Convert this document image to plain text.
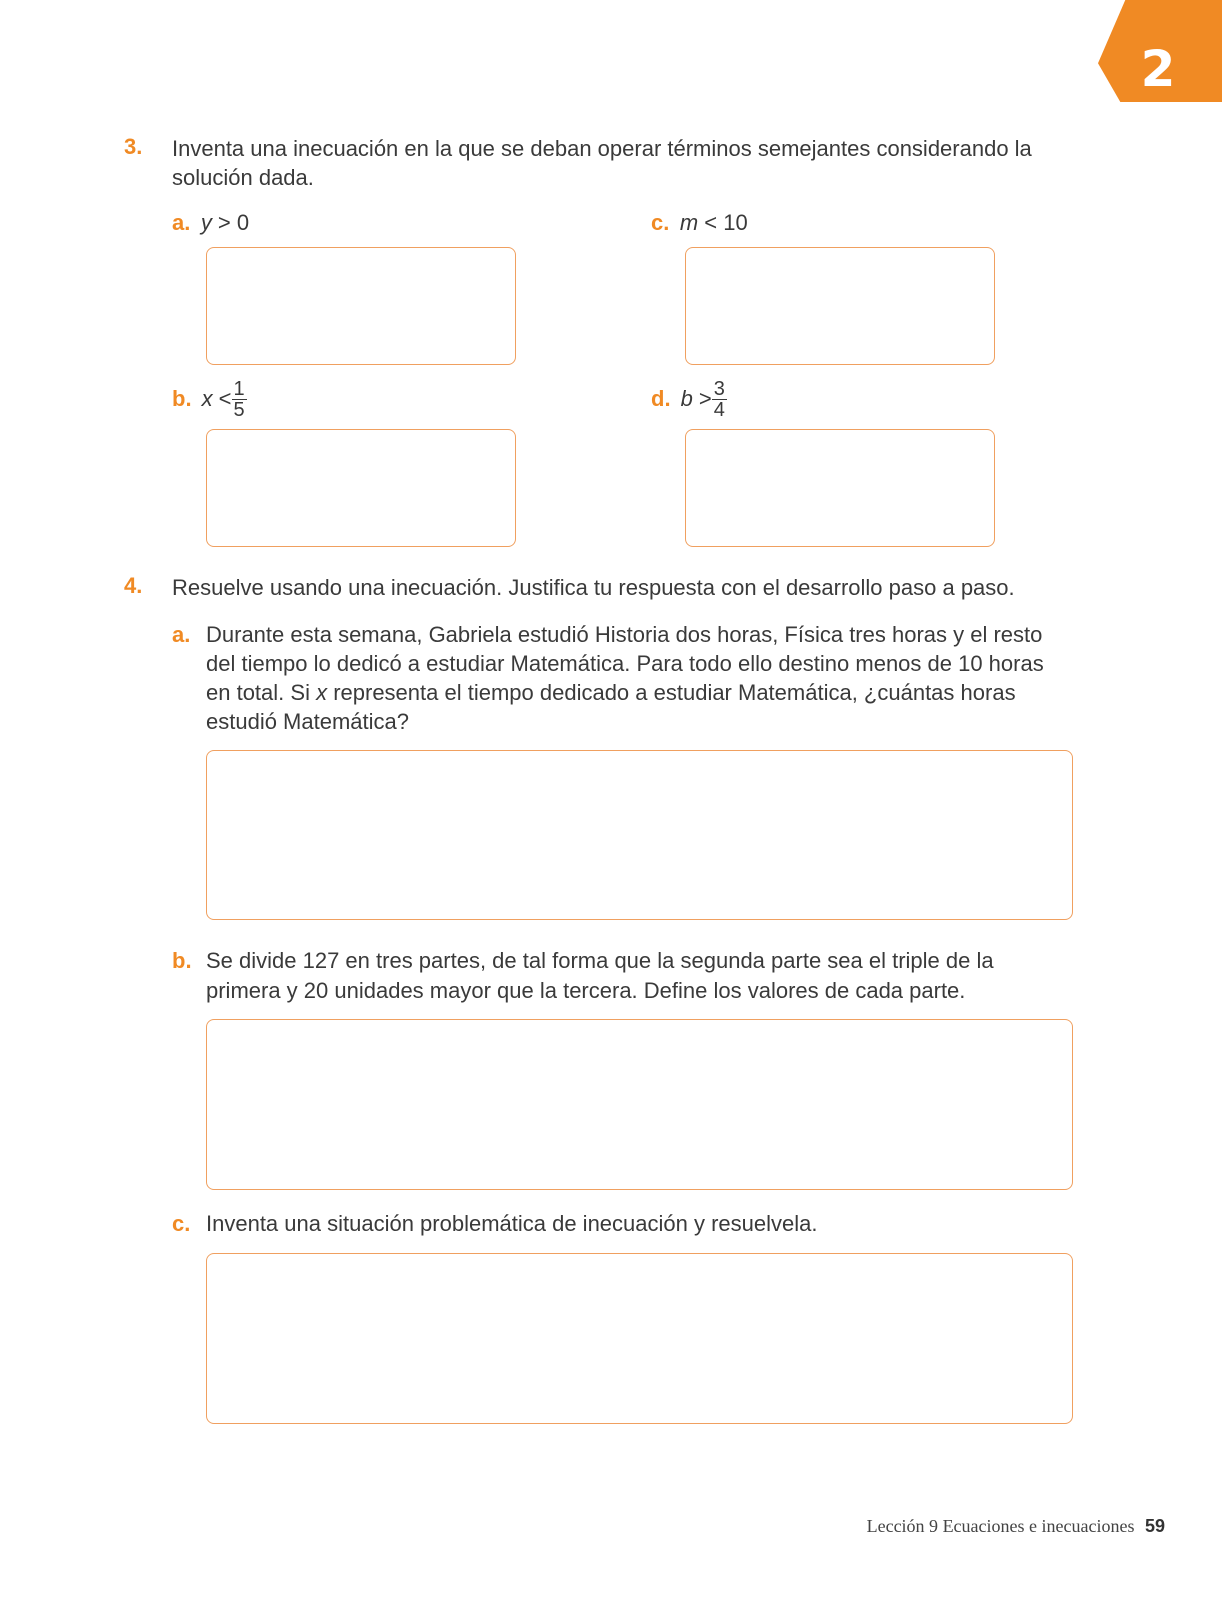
2
3. Inventa una inecuación en la que se deban operar términos semejantes considerando la
solución dada.
a. y > 0	c. m < 10
b. $x < \frac{1}{5}$	d. $b > \frac{3}{4}$
4. Resuelve usando una inecuación. Justifica tu respuesta con el desarrollo paso a paso.
a. Durante esta semana, Gabriela estudió Historia dos horas, Física tres horas y el resto
del tiempo lo dedicó a estudiar Matemática. Para todo ello destino menos de 10 horas
en total. Si x representa el tiempo dedicado a estudiar Matemática, ¿cuántas horas
estudió Matemática?
b. Se divide 127 en tres partes, de tal forma que la segunda parte sea el triple de la
primera y 20 unidades mayor que la tercera. Define los valores de cada parte.
c. Inventa una situación problemática de inecuación y resuelvela.
Lección 9 Ecuaciones e inecuaciones 59
